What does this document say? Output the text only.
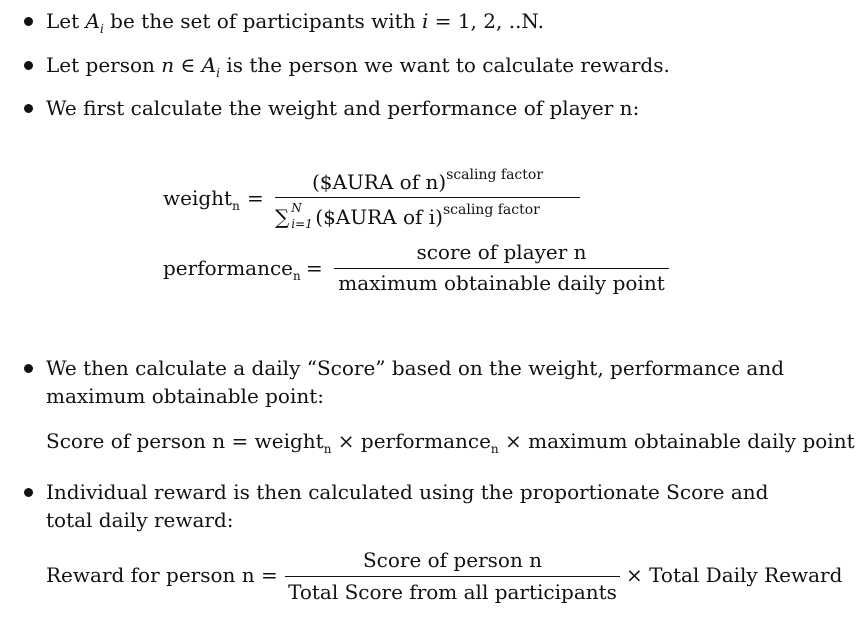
Let $A_i$ be the set of participants with i = 1, 2, ..N.
Let person n ∈ $A_i$ is the person we want to calculate rewards.
We first calculate the weight and performance of player n:
weight$_n$ =
($AURA of n)$^{scaling factor}$
∑ N
i=1 ($AURA of i)$^{scaling factor}$
performance$_n$ =
score of player n
maximum obtainable daily point
We then calculate a daily “Score” based on the weight, performance and
maximum obtainable point:
Score of person n = weight$_n$ × performance$_n$ × maximum obtainable daily point
Individual reward is then calculated using the proportionate Score and
total daily reward:
Reward for person n =
Score of person n
Total Score from all participants
× Total Daily Reward
